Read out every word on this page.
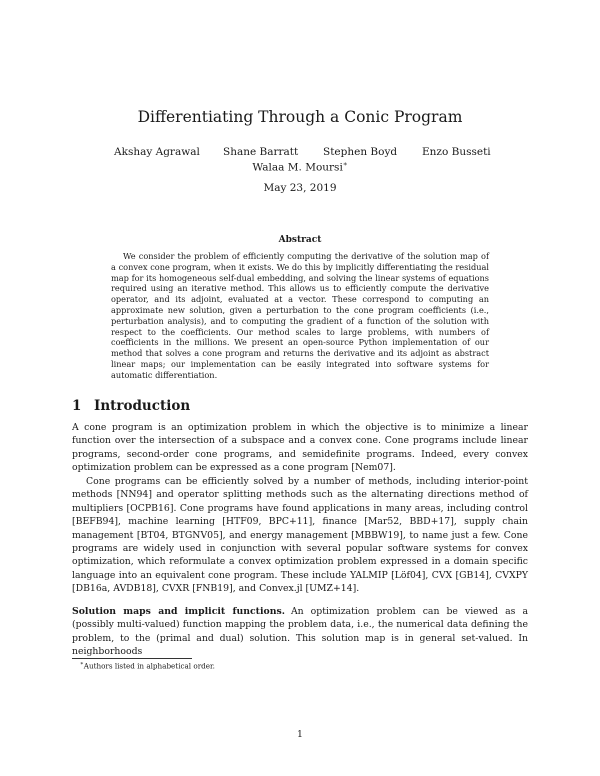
Differentiating Through a Conic Program
Akshay Agrawal Shane Barratt Stephen Boyd Enzo Busseti
Walaa M. Moursi∗
May 23, 2019
Abstract
We consider the problem of efficiently computing the derivative of the solution map of a convex cone program, when it exists. We do this by implicitly differentiating the residual map for its homogeneous self-dual embedding, and solving the linear systems of equations required using an iterative method. This allows us to efficiently compute the derivative operator, and its adjoint, evaluated at a vector. These correspond to computing an approximate new solution, given a perturbation to the cone program coefficients (i.e., perturbation analysis), and to computing the gradient of a function of the solution with respect to the coefficients. Our method scales to large problems, with numbers of coefficients in the millions. We present an open-source Python implementation of our method that solves a cone program and returns the derivative and its adjoint as abstract linear maps; our implementation can be easily integrated into software systems for automatic differentiation.
1 Introduction

A cone program is an optimization problem in which the objective is to minimize a linear function over the intersection of a subspace and a convex cone. Cone programs include linear programs, second-order cone programs, and semidefinite programs. Indeed, every convex optimization problem can be expressed as a cone program [Nem07].

Cone programs can be efficiently solved by a number of methods, including interior-point methods [NN94] and operator splitting methods such as the alternating directions method of multipliers [OCPB16]. Cone programs have found applications in many areas, including control [BEFB94], machine learning [HTF09, BPC+11], finance [Mar52, BBD+17], supply chain management [BT04, BTGNV05], and energy management [MBBW19], to name just a few. Cone programs are widely used in conjunction with several popular software systems for convex optimization, which reformulate a convex optimization problem expressed in a domain specific language into an equivalent cone program. These include YALMIP [Löf04], CVX [GB14], CVXPY [DB16a, AVDB18], CVXR [FNB19], and Convex.jl [UMZ+14].

Solution maps and implicit functions. An optimization problem can be viewed as a (possibly multi-valued) function mapping the problem data, i.e., the numerical data defining the problem, to the (primal and dual) solution. This solution map is in general set-valued. In neighborhoods

∗Authors listed in alphabetical order.
1
